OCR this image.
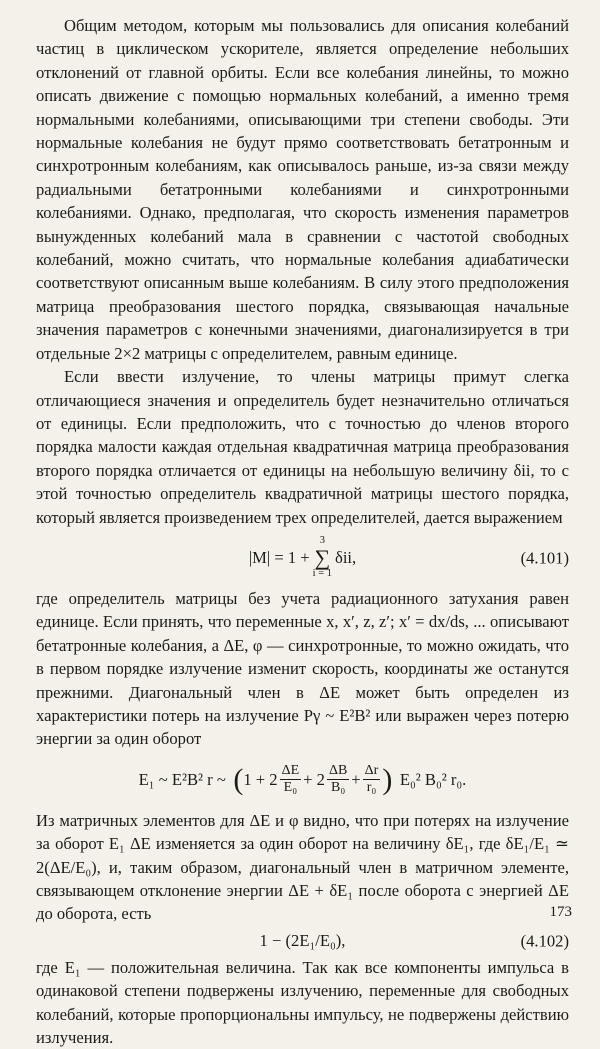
Общим методом, которым мы пользовались для описания колебаний частиц в циклическом ускорителе, является определение небольших отклонений от главной орбиты. Если все колебания линейны, то можно описать движение с помощью нормальных колебаний, а именно тремя нормальными колебаниями, описывающими три степени свободы. Эти нормальные колебания не будут прямо соответствовать бетатронным и синхротронным колебаниям, как описывалось раньше, из-за связи между радиальными бетатронными колебаниями и синхротронными колебаниями. Однако, предполагая, что скорость изменения параметров вынужденных колебаний мала в сравнении с частотой свободных колебаний, можно считать, что нормальные колебания адиабатически соответствуют описанным выше колебаниям. В силу этого предположения матрица преобразования шестого порядка, связывающая начальные значения параметров с конечными значениями, диагонализируется в три отдельные 2×2 матрицы с определителем, равным единице.

Если ввести излучение, то члены матрицы примут слегка отличающиеся значения и определитель будет незначительно отличаться от единицы. Если предположить, что с точностью до членов второго порядка малости каждая отдельная квадратичная матрица преобразования второго порядка отличается от единицы на небольшую величину δii, то с этой точностью определитель квадратичной матрицы шестого порядка, который является произведением трех определителей, дается выражением

|M| = 1 +
3
∑
i = 1
δii,	(4.101)

где определитель матрицы без учета радиационного затухания равен единице. Если принять, что переменные x, x′, z, z′; x′ = dx/ds, ... описывают бетатронные колебания, а ΔE, φ — синхротронные, то можно ожидать, что в первом порядке излучение изменит скорость, координаты же останутся прежними. Диагональный член в ΔE может быть определен из характеристики потерь на излучение Pγ ~ E²B² или выражен через потерю энергии за один оборот

E₁ ~ E²B² r ~ ( $1 + 2 \frac{\Delta E}{\text{E₀}} + 2 \frac{\Delta B}{\text{B₀}} + \frac{\Delta r}{\text{r₀}}$ ) E₀² B₀² r₀.

Из матричных элементов для ΔE и φ видно, что при потерях на излучение за оборот E₁ ΔE изменяется за один оборот на величину δE₁, где δE₁/E₁ ≃ 2(ΔE/E₀), и, таким образом, диагональный член в матричном элементе, связывающем отклонение энергии ΔE + δE₁ после оборота с энергией ΔE до оборота, есть

1 − (2E₁/E₀),	(4.102)

где E₁ — положительная величина. Так как все компоненты импульса в одинаковой степени подвержены излучению, переменные для свободных колебаний, которые пропорциональны импульсу, не подвержены действию излучения.

173
